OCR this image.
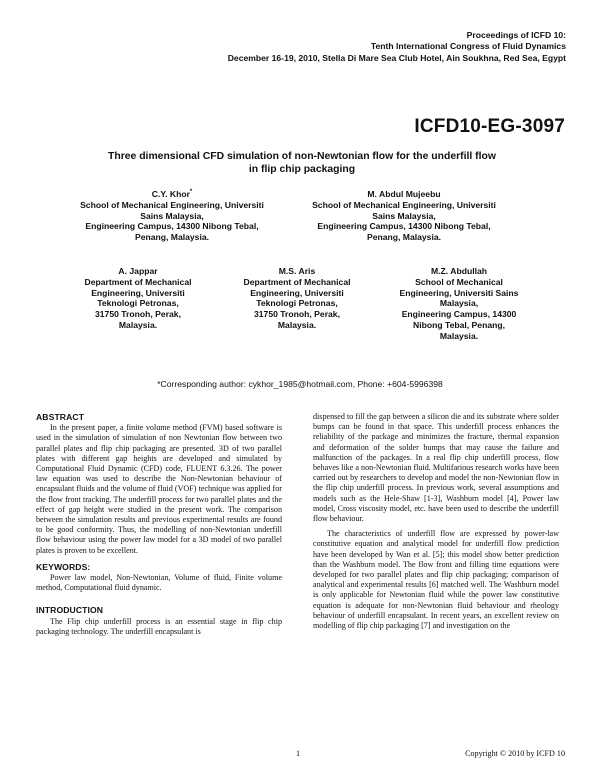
Proceedings of ICFD 10:
Tenth International Congress of Fluid Dynamics
December 16-19, 2010, Stella Di Mare Sea Club Hotel, Ain Soukhna, Red Sea, Egypt
ICFD10-EG-3097
Three dimensional CFD simulation of non-Newtonian flow for the underfill flow
in flip chip packaging
C.Y. Khor*
School of Mechanical Engineering, Universiti
Sains Malaysia,
Engineering Campus, 14300 Nibong Tebal,
Penang, Malaysia.
M. Abdul Mujeebu
School of Mechanical Engineering, Universiti
Sains Malaysia,
Engineering Campus, 14300 Nibong Tebal,
Penang, Malaysia.
A. Jappar
Department of Mechanical
Engineering, Universiti
Teknologi Petronas,
31750 Tronoh, Perak,
Malaysia.
M.S. Aris
Department of Mechanical
Engineering, Universiti
Teknologi Petronas,
31750 Tronoh, Perak,
Malaysia.
M.Z. Abdullah
School of Mechanical
Engineering, Universiti Sains
Malaysia,
Engineering Campus, 14300
Nibong Tebal, Penang,
Malaysia.
*Corresponding author: cykhor_1985@hotmail.com, Phone: +604-5996398
ABSTRACT

In the present paper, a finite volume method (FVM) based software is used in the simulation of simulation of non Newtonian flow between two parallel plates and flip chip packaging are presented. 3D of two parallel plates with different gap heights are developed and simulated by Computational Fluid Dynamic (CFD) code, FLUENT 6.3.26. The power law equation was used to describe the Non-Newtonian behaviour of encapsulant fluids and the volume of fluid (VOF) technique was applied for the flow front tracking. The underfill process for two parallel plates and the effect of gap height were studied in the present work. The comparison between the simulation results and previous experimental results are found to be good conformity. Thus, the modelling of non-Newtonian underfill flow behaviour using the power law model for a 3D model of two parallel plates is proven to be excellent.

KEYWORDS:

Power law model, Non-Newtonian, Volume of fluid, Finite volume method, Computational fluid dynamic.

INTRODUCTION

The Flip chip underfill process is an essential stage in flip chip packaging technology. The underfill encapsulant is

dispensed to fill the gap between a silicon die and its substrate where solder bumps can be found in that space. This underfill process enhances the reliability of the package and minimizes the fracture, thermal expansion and deformation of the solder bumps that may cause the failure and malfunction of the packages. In a real flip chip underfill process, flow behaves like a non-Newtonian fluid. Multifarious research works have been carried out by researchers to develop and model the non-Newtonian flow in the flip chip underfill process. In previous work, several assumptions and models such as the Hele-Shaw [1-3], Washburn model [4], Power law model, Cross viscosity model, etc. have been used to describe the underfill flow behaviour.

The characteristics of underfill flow are expressed by power-law constitutive equation and analytical model for underfill flow prediction have been developed by Wan et al. [5]; this model show better prediction than the Washburn model. The flow front and filling time equations were developed for two parallel plates and flip chip packaging; comparison of analytical and experimental results [6] matched well. The Washburn model is only applicable for Newtonian fluid while the power law constitutive equation is adequate for non-Newtonian fluid behaviour and rheology behaviour of underfill encapsulant. In recent years, an excellent review on modelling of flip chip packaging [7] and investigation on the

1	Copyright © 2010 by ICFD 10
